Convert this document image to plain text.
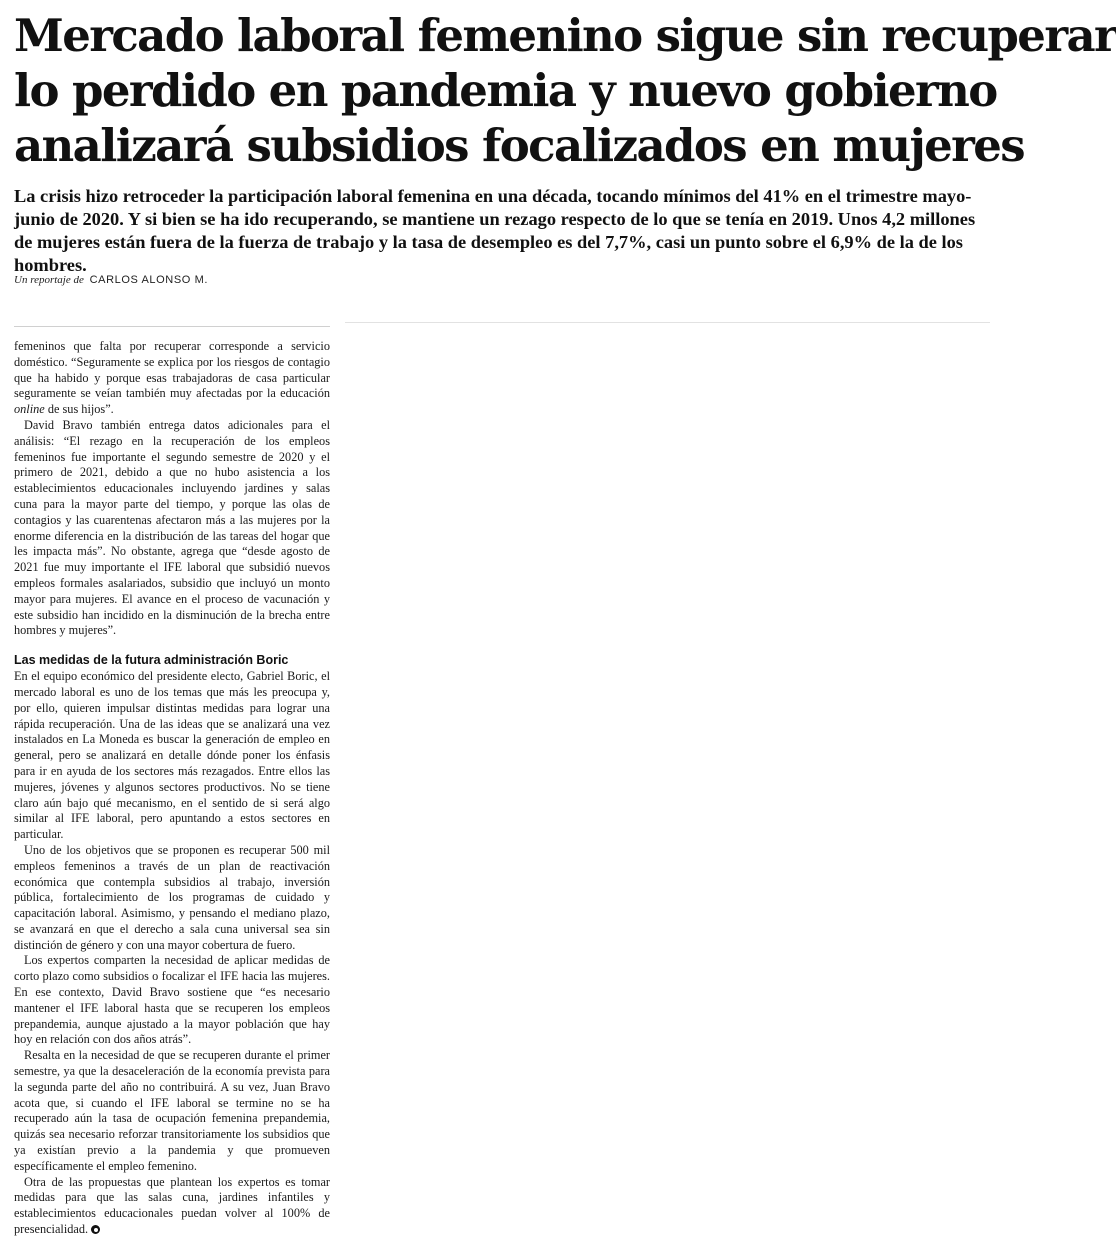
Mercado laboral femenino sigue sin recuperar
lo perdido en pandemia y nuevo gobierno
analizará subsidios focalizados en mujeres

La crisis hizo retroceder la participación laboral femenina en una década, tocando mínimos del 41% en el trimestre mayo-junio de 2020. Y si bien se ha ido recuperando, se mantiene un rezago respecto de lo que se tenía en 2019. Unos 4,2 millones de mujeres están fuera de la fuerza de trabajo y la tasa de desempleo es del 7,7%, casi un punto sobre el 6,9% de la de los hombres.

Un reportaje de CARLOS ALONSO M.

femeninos que falta por recuperar corresponde a servicio doméstico. “Seguramente se explica por los riesgos de contagio que ha habido y porque esas trabajadoras de casa particular seguramente se veían también muy afectadas por la educación online de sus hijos”.

David Bravo también entrega datos adicionales para el análisis: “El rezago en la recuperación de los empleos femeninos fue importante el segundo semestre de 2020 y el primero de 2021, debido a que no hubo asistencia a los establecimientos educacionales incluyendo jardines y salas cuna para la mayor parte del tiempo, y porque las olas de contagios y las cuarentenas afectaron más a las mujeres por la enorme diferencia en la distribución de las tareas del hogar que les impacta más”. No obstante, agrega que “desde agosto de 2021 fue muy importante el IFE laboral que subsidió nuevos empleos formales asalariados, subsidio que incluyó un monto mayor para mujeres. El avance en el proceso de vacunación y este subsidio han incidido en la disminución de la brecha entre hombres y mujeres”.

Las medidas de la futura administración Boric

En el equipo económico del presidente electo, Gabriel Boric, el mercado laboral es uno de los temas que más les preocupa y, por ello, quieren impulsar distintas medidas para lograr una rápida recuperación. Una de las ideas que se analizará una vez instalados en La Moneda es buscar la generación de empleo en general, pero se analizará en detalle dónde poner los énfasis para ir en ayuda de los sectores más rezagados. Entre ellos las mujeres, jóvenes y algunos sectores productivos. No se tiene claro aún bajo qué mecanismo, en el sentido de si será algo similar al IFE laboral, pero apuntando a estos sectores en particular.

Uno de los objetivos que se proponen es recuperar 500 mil empleos femeninos a través de un plan de reactivación económica que contempla subsidios al trabajo, inversión pública, fortalecimiento de los programas de cuidado y capacitación laboral. Asimismo, y pensando el mediano plazo, se avanzará en que el derecho a sala cuna universal sea sin distinción de género y con una mayor cobertura de fuero.

Los expertos comparten la necesidad de aplicar medidas de corto plazo como subsidios o focalizar el IFE hacia las mujeres. En ese contexto, David Bravo sostiene que “es necesario mantener el IFE laboral hasta que se recuperen los empleos prepandemia, aunque ajustado a la mayor población que hay hoy en relación con dos años atrás”.

Resalta en la necesidad de que se recuperen durante el primer semestre, ya que la desaceleración de la economía prevista para la segunda parte del año no contribuirá. A su vez, Juan Bravo acota que, si cuando el IFE laboral se termine no se ha recuperado aún la tasa de ocupación femenina prepandemia, quizás sea necesario reforzar transitoriamente los subsidios que ya existían previo a la pandemia y que promueven específicamente el empleo femenino.

Otra de las propuestas que plantean los expertos es tomar medidas para que las salas cuna, jardines infantiles y establecimientos educacionales puedan volver al 100% de presencialidad.
